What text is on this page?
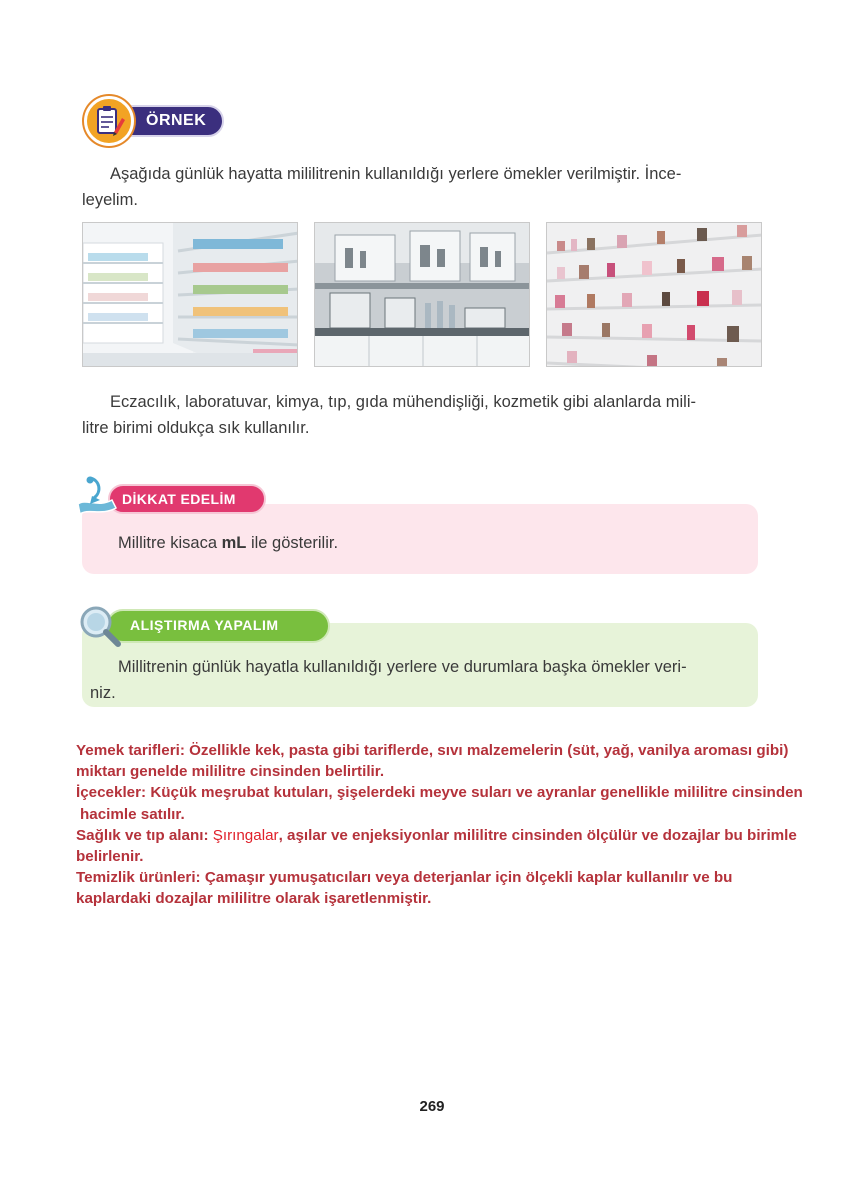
ÖRNEK
Aşağıda günlük hayatta mililitrenin kullanıldığı yerlere ömekler verilmiştir. İnce-
leyelim.
Eczacılık, laboratuvar, kimya, tıp, gıda mühendişliği, kozmetik gibi alanlarda mili-
litre birimi oldukça sık kullanılır.
DİKKAT EDELİM
Millitre kisaca mL ile gösterilir.
ALIŞTIRMA YAPALIM
Millitrenin günlük hayatla kullanıldığı yerlere ve durumlara başka ömekler veri-
niz.
Yemek tarifleri: Özellikle kek, pasta gibi tariflerde, sıvı malzemelerin (süt, yağ, vanilya aroması gibi)
miktarı genelde mililitre cinsinden belirtilir.
İçecekler: Küçük meşrubat kutuları, şişelerdeki meyve suları ve ayranlar genellikle mililitre cinsinden
hacimle satılır.
Sağlık ve tıp alanı: Şırıngalar, aşılar ve enjeksiyonlar mililitre cinsinden ölçülür ve dozajlar bu birimle
belirlenir.
Temizlik ürünleri: Çamaşır yumuşatıcıları veya deterjanlar için ölçekli kaplar kullanılır ve bu
kaplardaki dozajlar mililitre olarak işaretlenmiştir.
269
